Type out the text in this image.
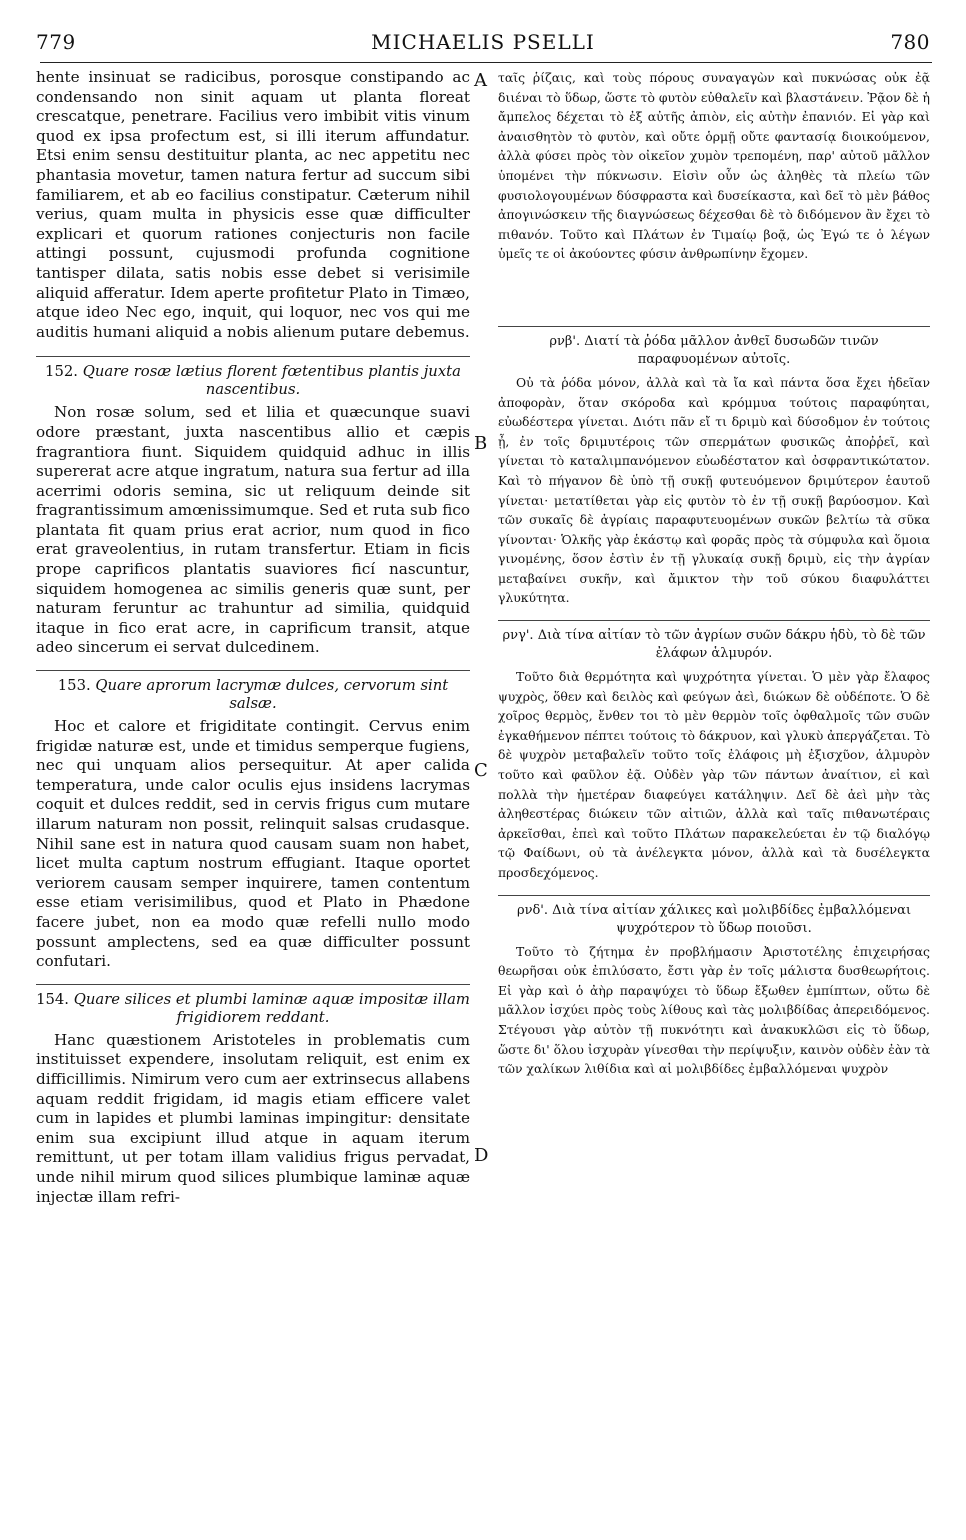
779	MICHAELIS PSELLI	780
A
B
C
D

hente insinuat se radicibus, porosque constipando ac condensando non sinit aquam ut planta floreat crescatque, penetrare. Facilius vero imbibit vitis vinum quod ex ipsa profectum est, si illi iterum affundatur. Etsi enim sensu destituitur planta, ac nec appetitu nec phantasia movetur, tamen natura fertur ad succum sibi familiarem, et ab eo facilius constipatur. Cæterum nihil verius, quam multa in physicis esse quæ difficulter explicari et quorum rationes conjecturis non facile attingi possunt, cujusmodi profunda cognitione tantisper dilata, satis nobis esse debet si verisimile aliquid afferatur. Idem aperte profitetur Plato in Timæo, atque ideo Nec ego, inquit, qui loquor, nec vos qui me auditis humani aliquid a nobis alienum putare debemus.

152. Quare rosæ lætius florent fœtentibus plantis juxta nascentibus.

Non rosæ solum, sed et lilia et quæcunque suavi odore præstant, juxta nascentibus allio et cæpis fragrantiora fiunt. Siquidem quidquid adhuc in illis supererat acre atque ingratum, natura sua fertur ad illa acerrimi odoris semina, sic ut reliquum deinde sit fragrantissimum amœnissimumque. Sed et ruta sub fico plantata fit quam prius erat acrior, num quod in fico erat graveolentius, in rutam transfertur. Etiam in ficis prope caprificos plantatis suaviores ficí nascuntur, siquidem homogenea ac similis generis quæ sunt, per naturam feruntur ac trahuntur ad similia, quidquid itaque in fico erat acre, in caprificum transit, atque adeo sincerum ei servat dulcedinem.

153. Quare aprorum lacrymæ dulces, cervorum sint salsæ.

Hoc et calore et frigiditate contingit. Cervus enim frigidæ naturæ est, unde et timidus semperque fugiens, nec qui unquam alios persequitur. At aper calida temperatura, unde calor oculis ejus insidens lacrymas coquit et dulces reddit, sed in cervis frigus cum mutare illarum naturam non possit, relinquit salsas crudasque. Nihil sane est in natura quod causam suam non habet, licet multa captum nostrum effugiant. Itaque oportet veriorem causam semper inquirere, tamen contentum esse etiam verisimilibus, quod et Plato in Phædone facere jubet, non ea modo quæ refelli nullo modo possunt amplectens, sed ea quæ difficulter possunt confutari.

154. Quare silices et plumbi laminæ aquæ impositæ illam frigidiorem reddant.

Hanc quæstionem Aristoteles in problematis cum instituisset expendere, insolutam reliquit, est enim ex difficillimis. Nimirum vero cum aer extrinsecus allabens aquam reddit frigidam, id magis etiam efficere valet cum in lapides et plumbi laminas impingitur: densitate enim sua excipiunt illud atque in aquam iterum remittunt, ut per totam illam validius frigus pervadat, unde nihil mirum quod silices plumbique laminæ aquæ injectæ illam refri-

ταῖς ῥίζαις, καὶ τοὺς πόρους συναγαγὼν καὶ πυκνώσας οὐκ ἐᾷ διιέναι τὸ ὕδωρ, ὥστε τὸ φυτὸν εὐθαλεῖν καὶ βλαστάνειν. Ῥᾷον δὲ ἡ ἄμπελος δέχεται τὸ ἐξ αὐτῆς ἀπιὸν, εἰς αὐτὴν ἐπανιόν. Εἰ γὰρ καὶ ἀναισθητὸν τὸ φυτὸν, καὶ οὔτε ὁρμῇ οὔτε φαντασίᾳ διοικούμενον, ἀλλὰ φύσει πρὸς τὸν οἰκεῖον χυμὸν τρεπομένη, παρ' αὐτοῦ μᾶλλον ὑπομένει τὴν πύκνωσιν. Εἰσὶν οὖν ὡς ἀληθὲς τὰ πλείω τῶν φυσιολογουμένων δύσφραστα καὶ δυσείκαστα, καὶ δεῖ τὸ μὲν βάθος ἀπογινώσκειν τῆς διαγνώσεως δέχεσθαι δὲ τὸ διδόμενον ἂν ἔχει τὸ πιθανόν. Τοῦτο καὶ Πλάτων ἐν Τιμαίῳ βοᾷ, ὡς Ἐγώ τε ὁ λέγων ὑμεῖς τε οἱ ἀκούοντες φύσιν ἀνθρωπίνην ἔχομεν.

ρνβ'. Διατί τὰ ῥόδα μᾶλλον ἀνθεῖ δυσωδῶν τινῶν παραφυομένων αὐτοῖς.

Οὐ τὰ ῥόδα μόνον, ἀλλὰ καὶ τὰ ἴα καὶ πάντα ὅσα ἔχει ἡδεῖαν ἀποφορὰν, ὅταν σκόροδα καὶ κρόμμυα τούτοις παραφύηται, εὐωδέστερα γίνεται. Διότι πᾶν εἴ τι δριμὺ καὶ δύσοδμον ἐν τούτοις ᾖ, ἐν τοῖς δριμυτέροις τῶν σπερμάτων φυσικῶς ἀποῤῥεῖ, καὶ γίνεται τὸ καταλιμπανόμενον εὐωδέστατον καὶ ὀσφραντικώτατον. Καὶ τὸ πήγανον δὲ ὑπὸ τῇ συκῇ φυτευόμενον δριμύτερον ἑαυτοῦ γίνεται· μετατίθεται γὰρ εἰς φυτὸν τὸ ἐν τῇ συκῇ βαρύοσμον. Καὶ τῶν συκαῖς δὲ ἀγρίαις παραφυτευομένων συκῶν βελτίω τὰ σῦκα γίνονται· Ὁλκῆς γὰρ ἑκάστῳ καὶ φορᾶς πρὸς τὰ σύμφυλα καὶ ὅμοια γινομένης, ὅσον ἐστὶν ἐν τῇ γλυκαίᾳ συκῇ δριμὺ, εἰς τὴν ἀγρίαν μεταβαίνει συκῆν, καὶ ἄμικτον τὴν τοῦ σύκου διαφυλάττει γλυκύτητα.

ρνγ'. Διὰ τίνα αἰτίαν τὸ τῶν ἀγρίων συῶν δάκρυ ἡδὺ, τὸ δὲ τῶν ἐλάφων ἁλμυρόν.

Τοῦτο διὰ θερμότητα καὶ ψυχρότητα γίνεται. Ὁ μὲν γὰρ ἔλαφος ψυχρὸς, ὅθεν καὶ δειλὸς καὶ φεύγων ἀεὶ, διώκων δὲ οὐδέποτε. Ὁ δὲ χοῖρος θερμὸς, ἔνθεν τοι τὸ μὲν θερμὸν τοῖς ὀφθαλμοῖς τῶν συῶν ἐγκαθήμενον πέπτει τούτοις τὸ δάκρυον, καὶ γλυκὺ ἀπεργάζεται. Τὸ δὲ ψυχρὸν μεταβαλεῖν τοῦτο τοῖς ἐλάφοις μὴ ἐξισχῦον, ἁλμυρὸν τοῦτο καὶ φαῦλον ἐᾷ. Οὐδὲν γὰρ τῶν πάντων ἀναίτιον, εἰ καὶ πολλὰ τὴν ἡμετέραν διαφεύγει κατάληψιν. Δεῖ δὲ ἀεὶ μὴν τὰς ἀληθεστέρας διώκειν τῶν αἰτιῶν, ἀλλὰ καὶ ταῖς πιθανωτέραις ἀρκεῖσθαι, ἐπεὶ καὶ τοῦτο Πλάτων παρακελεύεται ἐν τῷ διαλόγῳ τῷ Φαίδωνι, οὐ τὰ ἀνέλεγκτα μόνον, ἀλλὰ καὶ τὰ δυσέλεγκτα προσδεχόμενος.

ρνδ'. Διὰ τίνα αἰτίαν χάλικες καὶ μολιβδίδες ἐμβαλλόμεναι ψυχρότερον τὸ ὕδωρ ποιοῦσι.

Τοῦτο τὸ ζήτημα ἐν προβλήμασιν Ἀριστοτέλης ἐπιχειρήσας θεωρῆσαι οὐκ ἐπιλύσατο, ἔστι γὰρ ἐν τοῖς μάλιστα δυσθεωρήτοις. Εἰ γὰρ καὶ ὁ ἀὴρ παραψύχει τὸ ὕδωρ ἔξωθεν ἐμπίπτων, οὕτω δὲ μᾶλλον ἰσχύει πρὸς τοὺς λίθους καὶ τὰς μολιβδίδας ἀπερειδόμενος. Στέγουσι γὰρ αὐτὸν τῇ πυκνότητι καὶ ἀνακυκλῶσι εἰς τὸ ὕδωρ, ὥστε δι' ὅλου ἰσχυρὰν γίνεσθαι τὴν περίψυξιν, καινὸν οὐδὲν ἐὰν τὰ τῶν χαλίκων λιθίδια καὶ αἱ μολιβδίδες ἐμβαλλόμεναι ψυχρὸν
